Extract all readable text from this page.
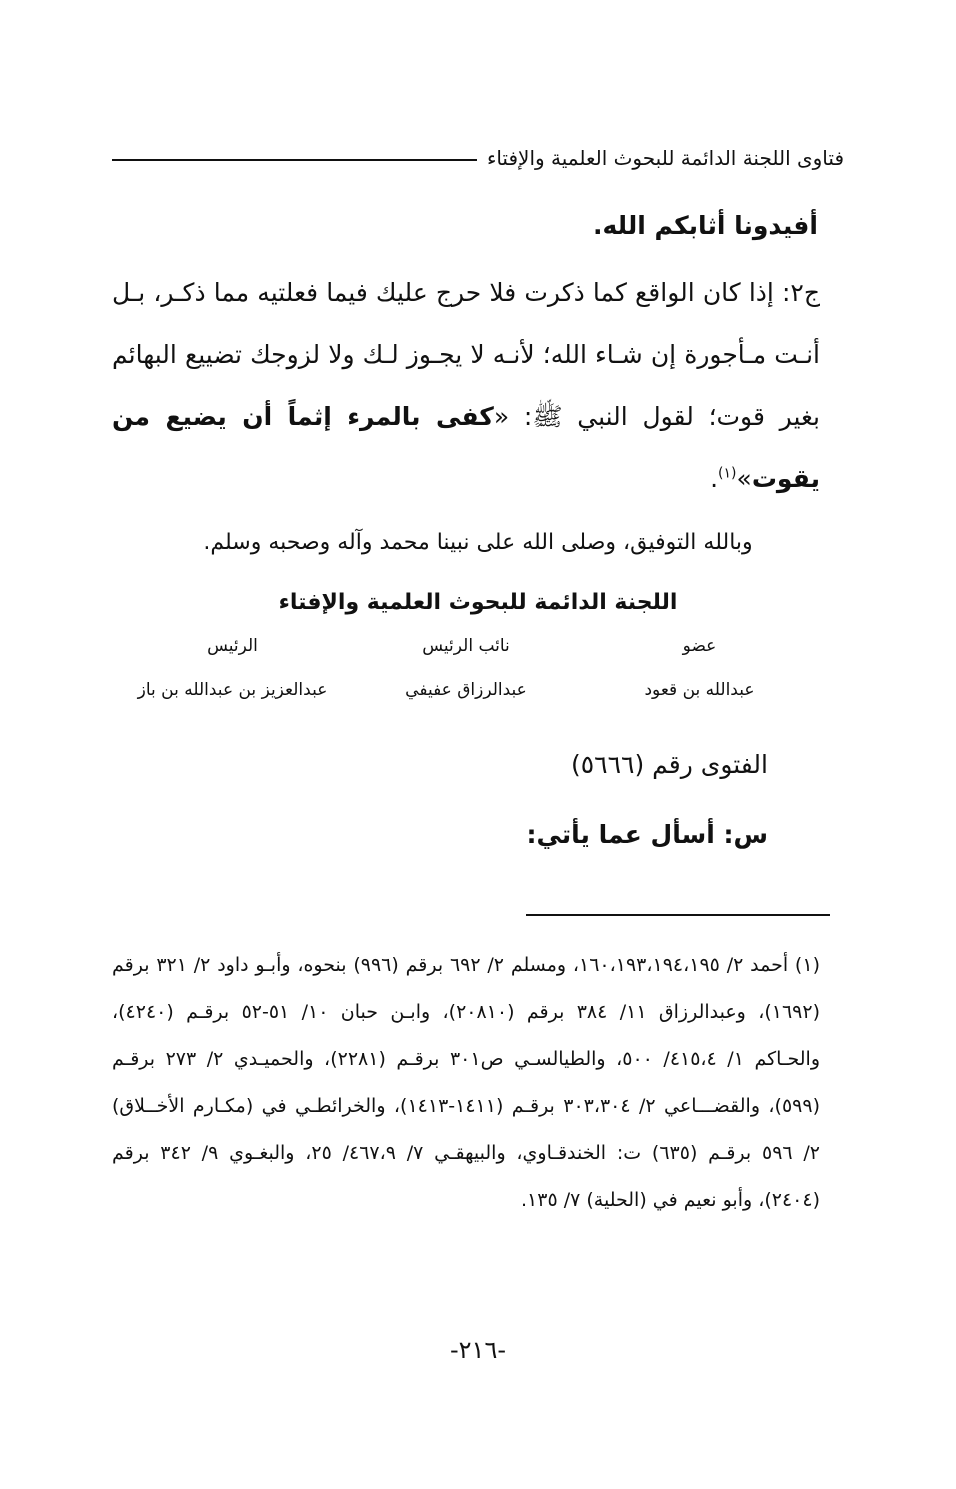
فتاوى اللجنة الدائمة للبحوث العلمية والإفتاء
أفيدونا أثابكم الله.
ج٢: إذا كان الواقع كما ذكرت فلا حرج عليك فيما فعلتيه مما ذكـر، بـل أنـت مـأجورة إن شـاء الله؛ لأنـه لا يجـوز لـك ولا لزوجك تضييع البهائم بغير قوت؛ لقول النبي ﷺ: «كفى بالمرء إثماً أن يضيع من يقوت»$^{(١)}$.
وبالله التوفيق، وصلى الله على نبينا محمد وآله وصحبه وسلم.
اللجنة الدائمة للبحوث العلمية والإفتاء
عضو
نائب الرئيس
الرئيس
عبدالله بن قعود
عبدالرزاق عفيفي
عبدالعزيز بن عبدالله بن باز
الفتوى رقم (٥٦٦٦)
س: أسأل عما يأتي:
(١) أحمد ٢/ ١٦٠،١٩٣،١٩٤،١٩٥، ومسلم ٢/ ٦٩٢ برقم (٩٩٦) بنحوه، وأبـو داود ٢/ ٣٢١ برقم (١٦٩٢)، وعبدالرزاق ١١/ ٣٨٤ برقم (٢٠٨١٠)، وابـن حبان ١٠/ ٥١-٥٢ برقـم (٤٢٤٠)، والحـاكم ١/ ٤١٥،٤/ ٥٠٠، والطيالسـي ص٣٠١ برقـم (٢٢٨١)، والحميـدي ٢/ ٢٧٣ برقـم (٥٩٩)، والقضـــاعي ٢/ ٣٠٣،٣٠٤ برقـم (١٤١١-١٤١٣)، والخرائطـي في (مكـارم الأخــلاق) ٢/ ٥٩٦ برقـم (٦٣٥) ت: الخندقـاوي، والبيهقـي ٧/ ٤٦٧،٩/ ٢٥، والبغـوي ٩/ ٣٤٢ برقم (٢٤٠٤)، وأبو نعيم في (الحلية) ٧/ ١٣٥.
-٢١٦-
